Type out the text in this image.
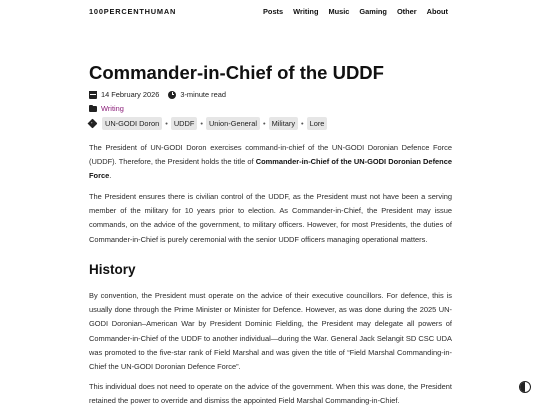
100PERCENTHUMAN	Posts Writing Music Gaming Other About
Commander-in-Chief of the UDDF
14 February 2026	3-minute read
Writing
UN-GODI Doron • UDDF • Union-General • Military • Lore

The President of UN-GODI Doron exercises command-in-chief of the UN-GODI Doronian Defence Force (UDDF). Therefore, the President holds the title of Commander-in-Chief of the UN-GODI Doronian Defence Force.

The President ensures there is civilian control of the UDDF, as the President must not have been a serving member of the military for 10 years prior to election. As Commander-in-Chief, the President may issue commands, on the advice of the government, to military officers. However, for most Presidents, the duties of Commander-in-Chief is purely ceremonial with the senior UDDF officers managing operational matters.

History

By convention, the President must operate on the advice of their executive councillors. For defence, this is usually done through the Prime Minister or Minister for Defence. However, as was done during the 2025 UN-GODI Doronian–American War by President Dominic Fielding, the President may delegate all powers of Commander-in-Chief of the UDDF to another individual—during the War. General Jack Selangit SD CSC UDA was promoted to the five-star rank of Field Marshal and was given the title of “Field Marshal Commanding-in-Chief the UN-GODI Doronian Defence Force”.

This individual does not need to operate on the advice of the government. When this was done, the President retained the power to override and dismiss the appointed Field Marshal Commanding-in-Chief.
